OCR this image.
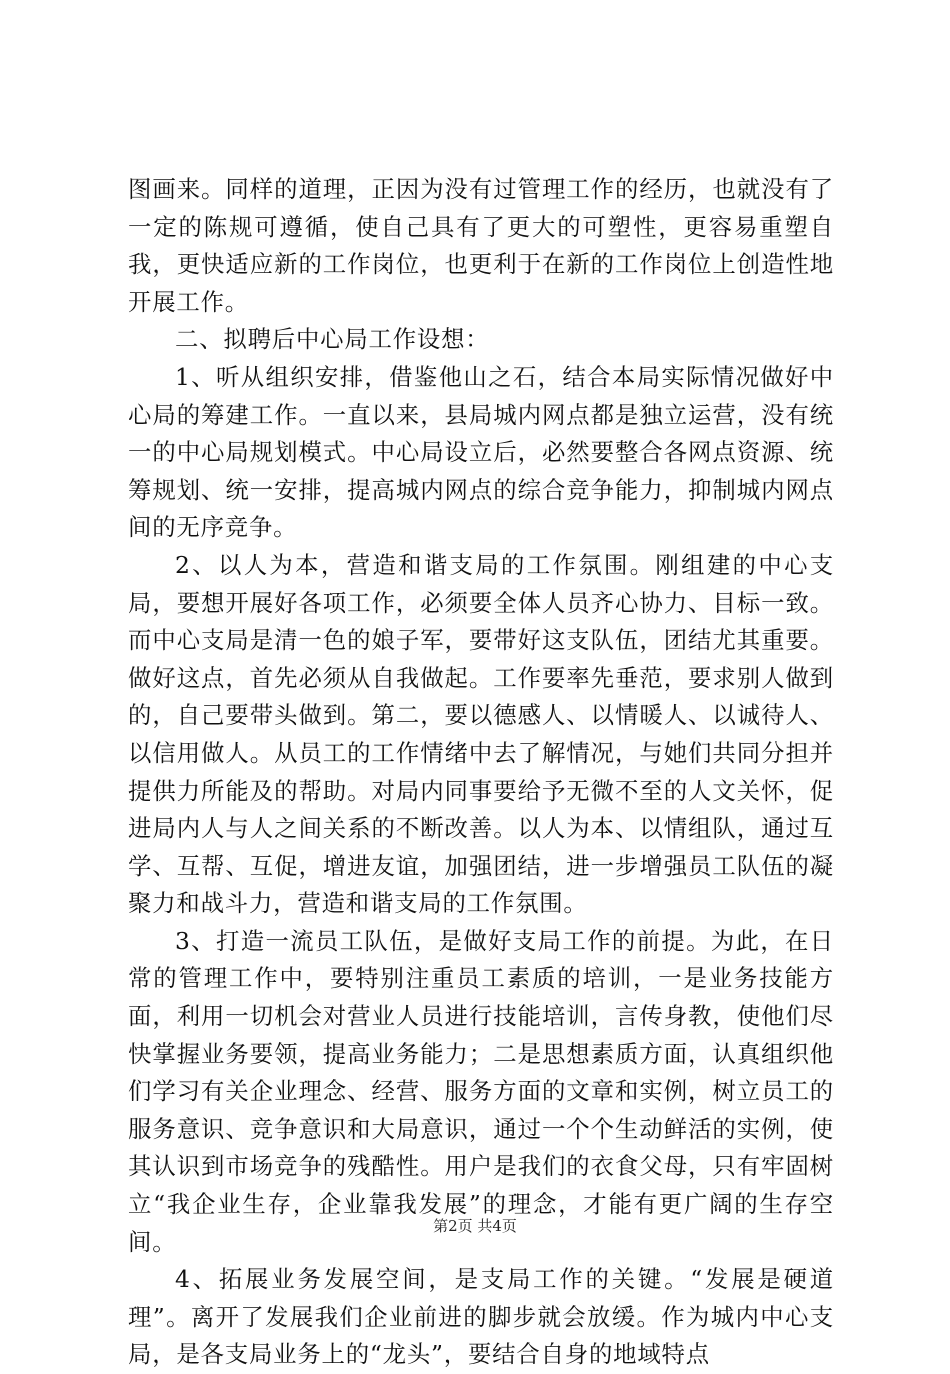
图画来。同样的道理，正因为没有过管理工作的经历，也就没有了一定的陈规可遵循，使自己具有了更大的可塑性，更容易重塑自我，更快适应新的工作岗位，也更利于在新的工作岗位上创造性地开展工作。

二、拟聘后中心局工作设想：

1、听从组织安排，借鉴他山之石，结合本局实际情况做好中心局的筹建工作。一直以来，县局城内网点都是独立运营，没有统一的中心局规划模式。中心局设立后，必然要整合各网点资源、统筹规划、统一安排，提高城内网点的综合竞争能力，抑制城内网点间的无序竞争。

2、以人为本，营造和谐支局的工作氛围。刚组建的中心支局，要想开展好各项工作，必须要全体人员齐心协力、目标一致。而中心支局是清一色的娘子军，要带好这支队伍，团结尤其重要。做好这点，首先必须从自我做起。工作要率先垂范，要求别人做到的，自己要带头做到。第二，要以德感人、以情暖人、以诚待人、以信用做人。从员工的工作情绪中去了解情况，与她们共同分担并提供力所能及的帮助。对局内同事要给予无微不至的人文关怀，促进局内人与人之间关系的不断改善。以人为本、以情组队，通过互学、互帮、互促，增进友谊，加强团结，进一步增强员工队伍的凝聚力和战斗力，营造和谐支局的工作氛围。

3、打造一流员工队伍，是做好支局工作的前提。为此，在日常的管理工作中，要特别注重员工素质的培训，一是业务技能方面，利用一切机会对营业人员进行技能培训，言传身教，使他们尽快掌握业务要领，提高业务能力；二是思想素质方面，认真组织他们学习有关企业理念、经营、服务方面的文章和实例，树立员工的服务意识、竞争意识和大局意识，通过一个个生动鲜活的实例，使其认识到市场竞争的残酷性。用户是我们的衣食父母，只有牢固树立“我企业生存，企业靠我发展”的理念，才能有更广阔的生存空间。

4、拓展业务发展空间，是支局工作的关键。“发展是硬道理”。离开了发展我们企业前进的脚步就会放缓。作为城内中心支局，是各支局业务上的“龙头”，要结合自身的地域特点

第2页 共4页
